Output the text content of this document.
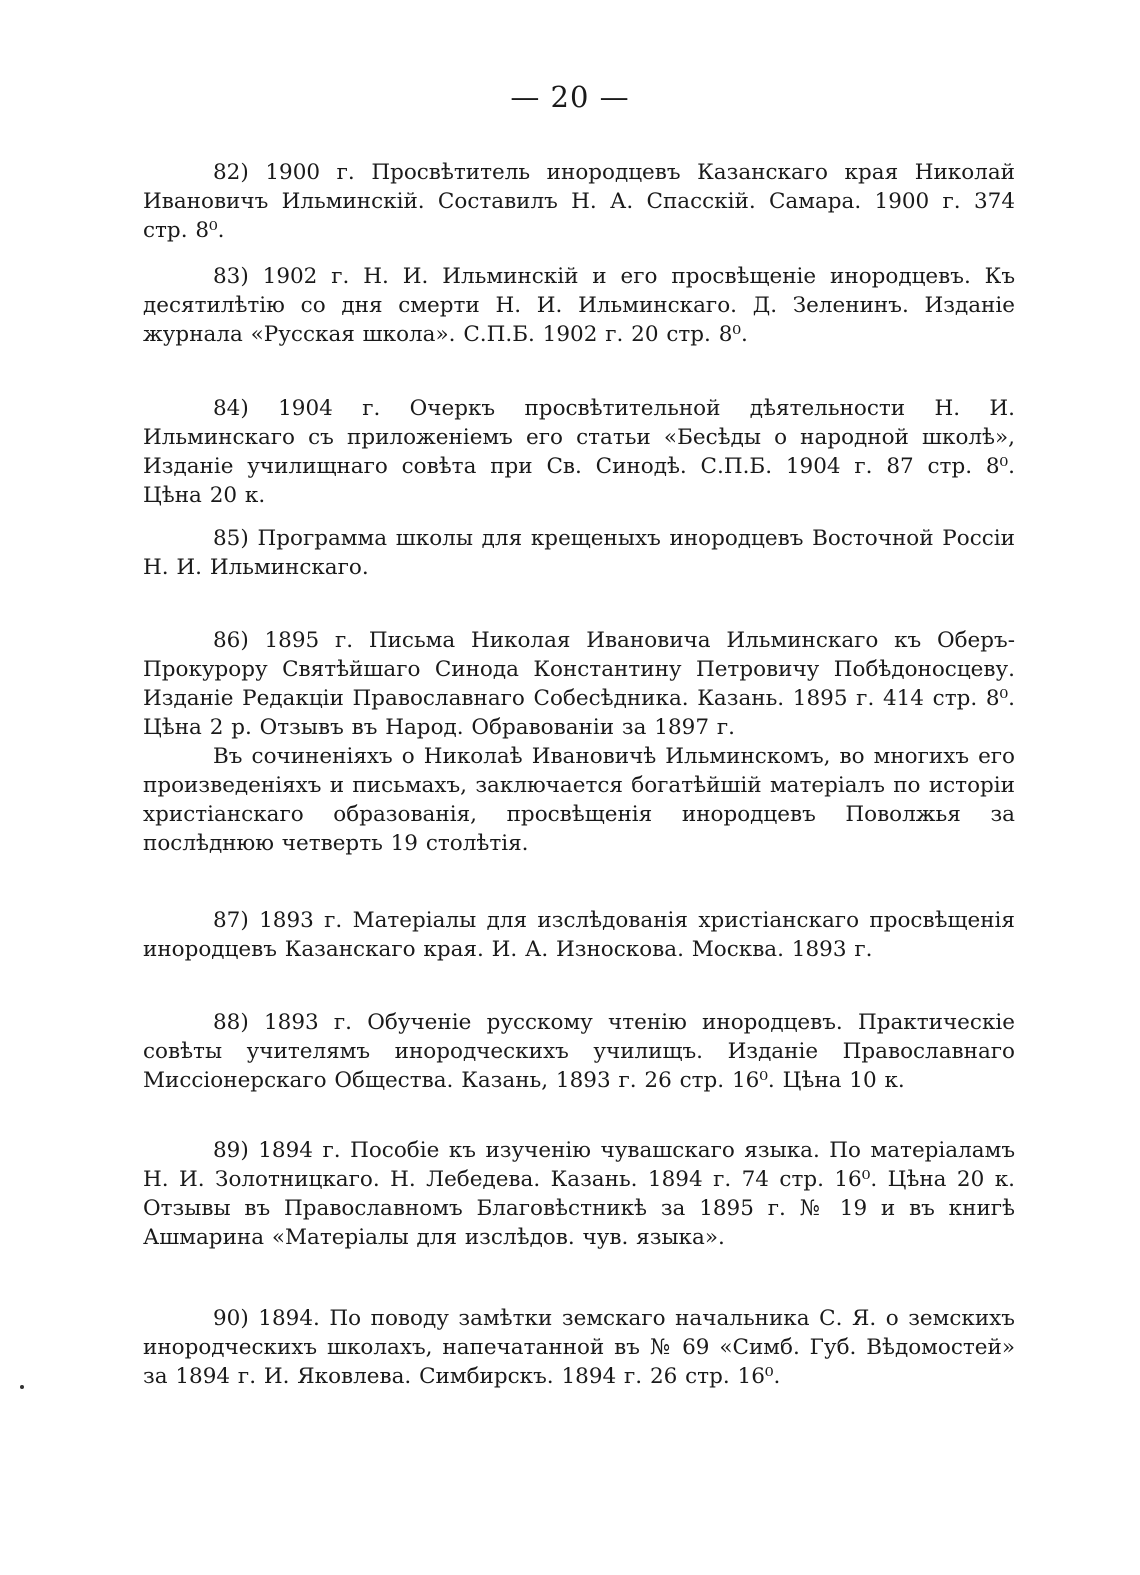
— 20 —

82) 1900 г. Просвѣтитель инородцевъ Казанскаго края Николай Ивановичъ Ильминскій. Составилъ Н. А. Спасскій. Самара. 1900 г. 374 стр. 8⁰.

83) 1902 г. Н. И. Ильминскій и его просвѣщеніе инородцевъ. Къ десятилѣтію со дня смерти Н. И. Ильминскаго. Д. Зеленинъ. Изданіе журнала «Русская школа». С.П.Б. 1902 г. 20 стр. 8⁰.

84) 1904 г. Очеркъ просвѣтительной дѣятельности Н. И. Ильминскаго съ приложеніемъ его статьи «Бесѣды о народной школѣ», Изданіе училищнаго совѣта при Св. Синодѣ. С.П.Б. 1904 г. 87 стр. 8⁰. Цѣна 20 к.

85) Программа школы для крещеныхъ инородцевъ Восточной Россіи Н. И. Ильминскаго.

86) 1895 г. Письма Николая Ивановича Ильминскаго къ Оберъ-Прокурору Святѣйшаго Синода Константину Петровичу Побѣдоносцеву. Изданіе Редакціи Православнаго Собесѣдника. Казань. 1895 г. 414 стр. 8⁰. Цѣна 2 р. Отзывъ въ Народ. Обравованіи за 1897 г.
Въ сочиненіяхъ о Николаѣ Ивановичѣ Ильминскомъ, во многихъ его произведеніяхъ и письмахъ, заключается богатѣйшій матеріалъ по исторіи христіанскаго образованія, просвѣщенія инородцевъ Поволжья за послѣднюю четверть 19 столѣтія.

87) 1893 г. Матеріалы для изслѣдованія христіанскаго просвѣщенія инородцевъ Казанскаго края. И. А. Износкова. Москва. 1893 г.

88) 1893 г. Обученіе русскому чтенію инородцевъ. Практическіе совѣты учителямъ инородческихъ училищъ. Изданіе Православнаго Миссіонерскаго Общества. Казань, 1893 г. 26 стр. 16⁰. Цѣна 10 к.

89) 1894 г. Пособіе къ изученію чувашскаго языка. По матеріаламъ Н. И. Золотницкаго. Н. Лебедева. Казань. 1894 г. 74 стр. 16⁰. Цѣна 20 к. Отзывы въ Православномъ Благовѣстникѣ за 1895 г. № 19 и въ книгѣ Ашмарина «Матеріалы для изслѣдов. чув. языка».

90) 1894. По поводу замѣтки земскаго начальника С. Я. о земскихъ инородческихъ школахъ, напечатанной въ № 69 «Симб. Губ. Вѣдомостей» за 1894 г. И. Яковлева. Симбирскъ. 1894 г. 26 стр. 16⁰.
